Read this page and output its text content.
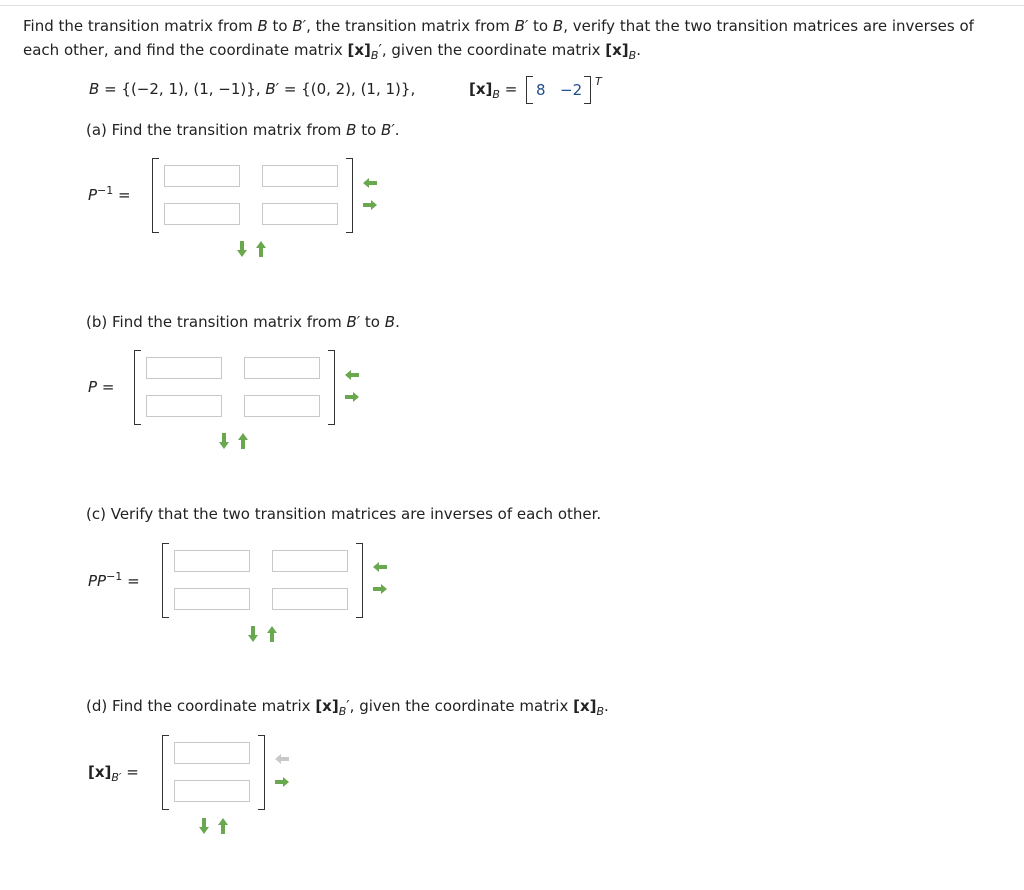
Find the transition matrix from B to B′, the transition matrix from B′ to B, verify that the two transition matrices are inverses of each other, and find the coordinate matrix $[x]_B'$, given the coordinate matrix $[x]_B$.
B = {(−2, 1), (1, −1)}, B′ = {(0, 2), (1, 1)},	$[x]_B = 8 -2$ T
(a) Find the transition matrix from B to B′.
$P^{-1}$ =
(b) Find the transition matrix from B′ to B.
P =
(c) Verify that the two transition matrices are inverses of each other.
$PP^{-1}$ =
(d) Find the coordinate matrix $[x]_B'$, given the coordinate matrix $[x]_B$.
$[x]_{B'}$ =
